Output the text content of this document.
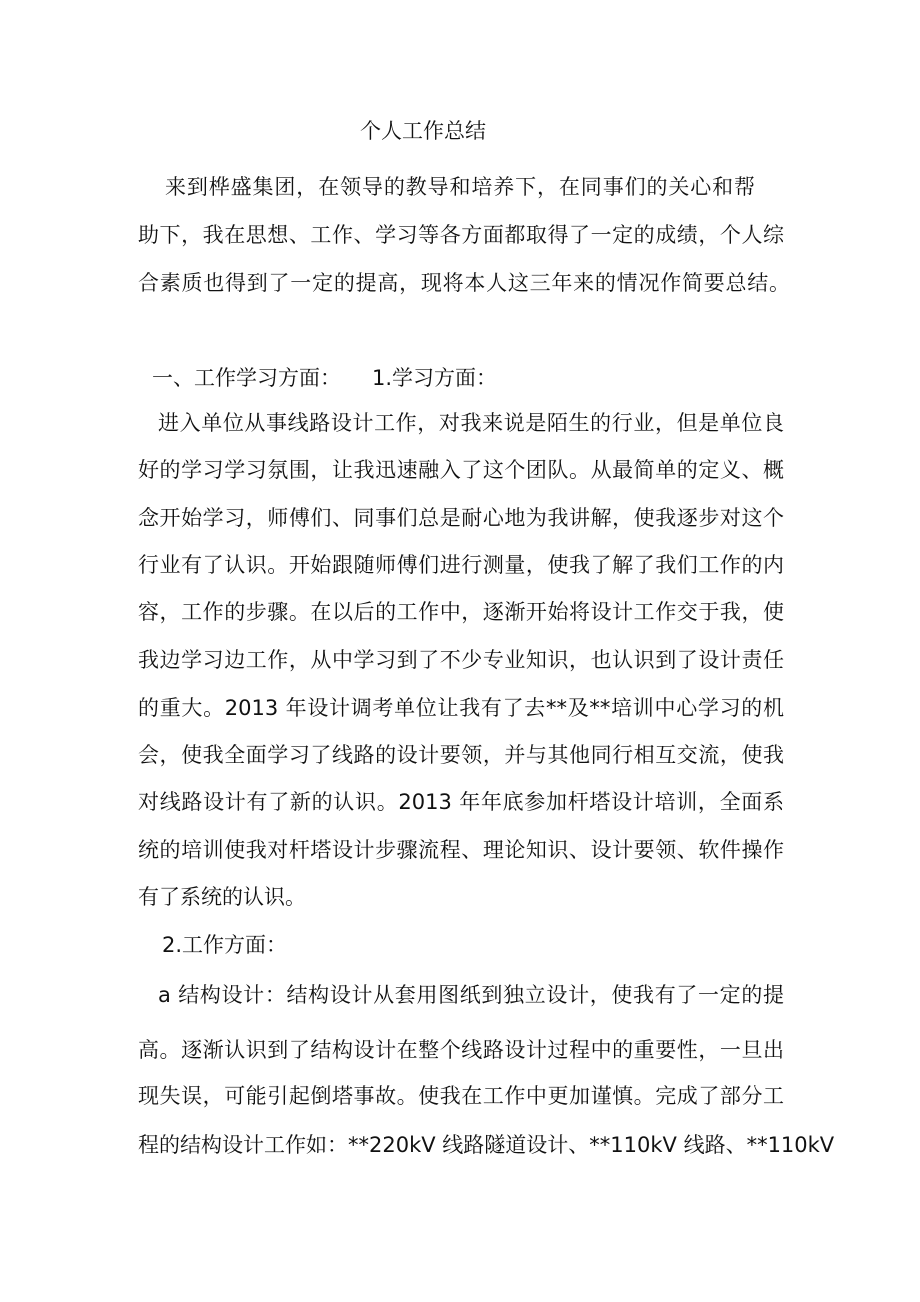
个人工作总结
来到桦盛集团，在领导的教导和培养下，在同事们的关心和帮
助下，我在思想、工作、学习等各方面都取得了一定的成绩，个人综
合素质也得到了一定的提高，现将本人这三年来的情况作简要总结。
一、工作学习方面： 1.学习方面：
进入单位从事线路设计工作，对我来说是陌生的行业，但是单位良
好的学习学习氛围，让我迅速融入了这个团队。从最简单的定义、概
念开始学习，师傅们、同事们总是耐心地为我讲解，使我逐步对这个
行业有了认识。开始跟随师傅们进行测量，使我了解了我们工作的内
容，工作的步骤。在以后的工作中，逐渐开始将设计工作交于我，使
我边学习边工作，从中学习到了不少专业知识，也认识到了设计责任
的重大。2013 年设计调考单位让我有了去**及**培训中心学习的机
会，使我全面学习了线路的设计要领，并与其他同行相互交流，使我
对线路设计有了新的认识。2013 年年底参加杆塔设计培训，全面系
统的培训使我对杆塔设计步骤流程、理论知识、设计要领、软件操作
有了系统的认识。
2.工作方面：
a 结构设计：结构设计从套用图纸到独立设计，使我有了一定的提
高。逐渐认识到了结构设计在整个线路设计过程中的重要性，一旦出
现失误，可能引起倒塔事故。使我在工作中更加谨慎。完成了部分工
程的结构设计工作如：**220kV 线路隧道设计、**110kV 线路、**110kV
